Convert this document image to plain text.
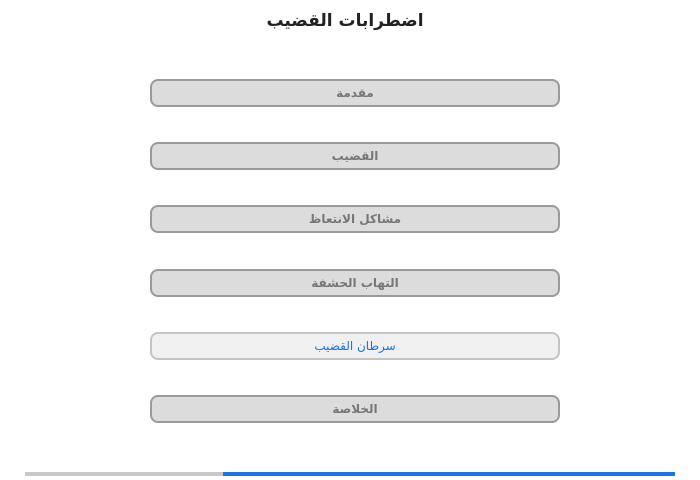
اضطرابات القضيب
مقدمة
القضيب
مشاكل الانتعاظ
التهاب الحشفة
سرطان القضيب
الخلاصة
